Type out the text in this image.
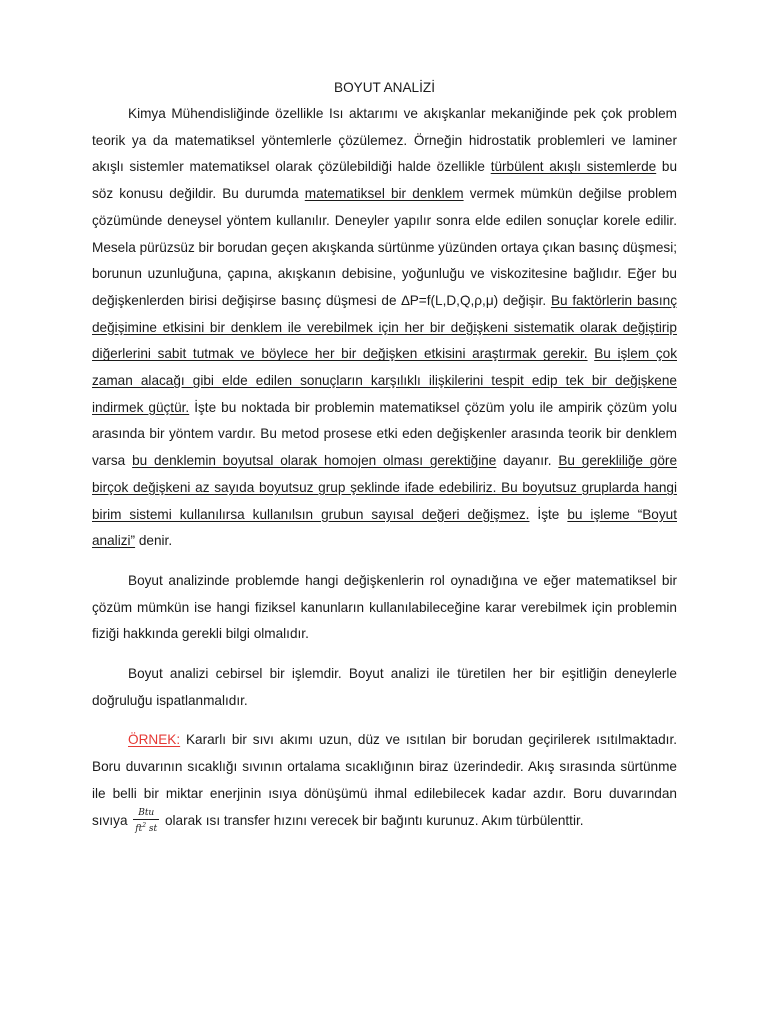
BOYUT ANALİZİ

Kimya Mühendisliğinde özellikle Isı aktarımı ve akışkanlar mekaniğinde pek çok problem teorik ya da matematiksel yöntemlerle çözülemez. Örneğin hidrostatik problemleri ve laminer akışlı sistemler matematiksel olarak çözülebildiği halde özellikle türbülent akışlı sistemlerde bu söz konusu değildir. Bu durumda matematiksel bir denklem vermek mümkün değilse problem çözümünde deneysel yöntem kullanılır. Deneyler yapılır sonra elde edilen sonuçlar korele edilir. Mesela pürüzsüz bir borudan geçen akışkanda sürtünme yüzünden ortaya çıkan basınç düşmesi; borunun uzunluğuna, çapına, akışkanın debisine, yoğunluğu ve viskozitesine bağlıdır. Eğer bu değişkenlerden birisi değişirse basınç düşmesi de ∆P=f(L,D,Q,ρ,μ) değişir. Bu faktörlerin basınç değişimine etkisini bir denklem ile verebilmek için her bir değişkeni sistematik olarak değiştirip diğerlerini sabit tutmak ve böylece her bir değişken etkisini araştırmak gerekir. Bu işlem çok zaman alacağı gibi elde edilen sonuçların karşılıklı ilişkilerini tespit edip tek bir değişkene indirmek güçtür. İşte bu noktada bir problemin matematiksel çözüm yolu ile ampirik çözüm yolu arasında bir yöntem vardır. Bu metod prosese etki eden değişkenler arasında teorik bir denklem varsa bu denklemin boyutsal olarak homojen olması gerektiğine dayanır. Bu gerekliliğe göre birçok değişkeni az sayıda boyutsuz grup şeklinde ifade edebiliriz. Bu boyutsuz gruplarda hangi birim sistemi kullanılırsa kullanılsın grubun sayısal değeri değişmez. İşte bu işleme “Boyut analizi” denir.

Boyut analizinde problemde hangi değişkenlerin rol oynadığına ve eğer matematiksel bir çözüm mümkün ise hangi fiziksel kanunların kullanılabileceğine karar verebilmek için problemin fiziği hakkında gerekli bilgi olmalıdır.

Boyut analizi cebirsel bir işlemdir. Boyut analizi ile türetilen her bir eşitliğin deneylerle doğruluğu ispatlanmalıdır.

ÖRNEK: Kararlı bir sıvı akımı uzun, düz ve ısıtılan bir borudan geçirilerek ısıtılmaktadır. Boru duvarının sıcaklığı sıvının ortalama sıcaklığının biraz üzerindedir. Akış sırasında sürtünme ile belli bir miktar enerjinin ısıya dönüşümü ihmal edilebilecek kadar azdır. Boru duvarından sıvıya $\frac{\text{Btu}}{ft^2 st}$ olarak ısı transfer hızını verecek bir bağıntı kurunuz. Akım türbülenttir.
